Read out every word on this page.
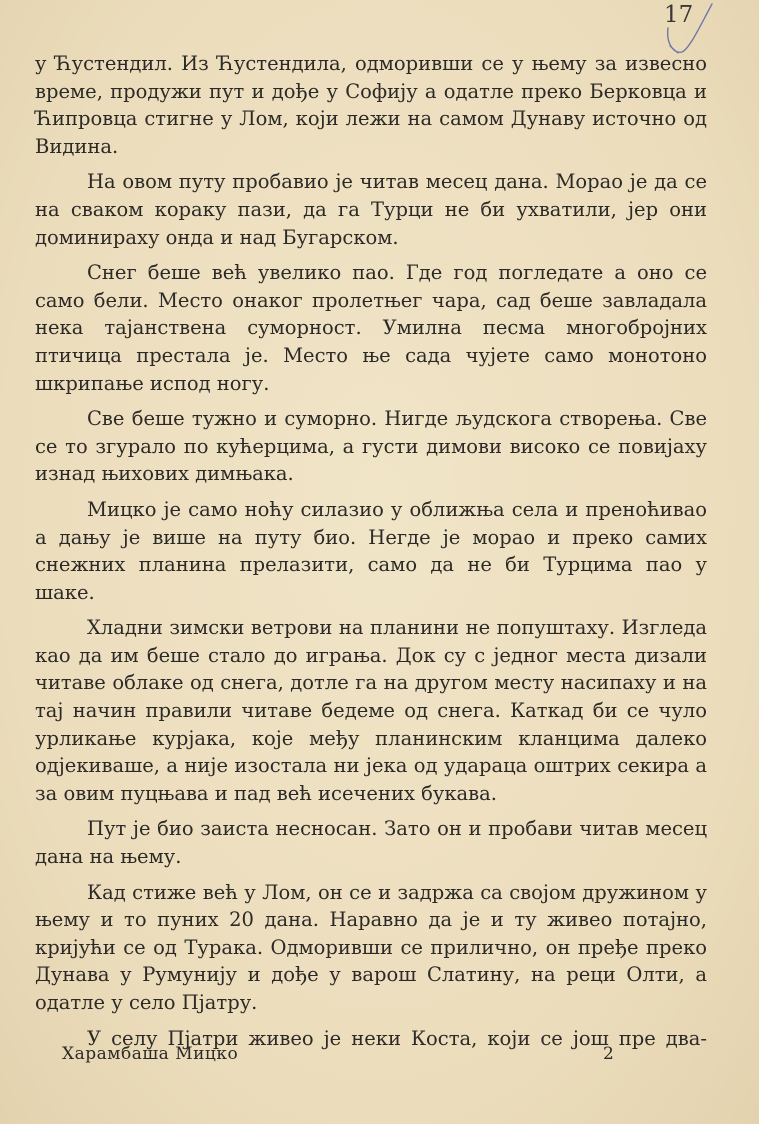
17

у Ћустендил. Из Ћустендила, одморивши се у њему за извесно време, продужи пут и дође у Софију а одатле преко Берковца и Ћипровца стигне у Лом, који лежи на самом Дунаву источно од Видина.

На овом путу пробавио је читав месец дана. Морао је да се на сваком кораку пази, да га Турци не би ухватили, јер они доминираху онда и над Бугарском.

Снег беше већ увелико пао. Где год погледате а оно се само бели. Место онаког пролетњег чара, сад беше завладала нека тајанствена суморност. Умилна песма многобројних птичица престала је. Место ње сада чујете само монотоно шкрипање испод ногу.

Све беше тужно и суморно. Нигде људскога створења. Све се то згурало по кућерцима, а густи димови високо се повијаху изнад њихових димњака.

Мицко је само ноћу силазио у оближња села и преноћивао а дању је више на путу био. Негде је морао и преко самих снежних планина прелазити, само да не би Турцима пао у шаке.

Хладни зимски ветрови на планини не попуштаху. Изгледа као да им беше стало до играња. Док су с једног места дизали читаве облаке од снега, дотле га на другом месту насипаху и на тај начин правили читаве бедеме од снега. Каткад би се чуло урликање курјака, које међу планинским кланцима далеко одјекиваше, а није изостала ни јека од удараца оштрих секира а за овим пуцњава и пад већ исечених букава.

Пут је био заиста несносан. Зато он и пробави читав месец дана на њему.

Кад стиже већ у Лом, он се и задржа са својом дружином у њему и то пуних 20 дана. Наравно да је и ту живео потајно, кријући се од Турака. Одморивши се прилично, он пређе преко Дунава у Румунију и дође у варош Слатину, на реци Олти, а одатле у село Пјатру.

У селу Пјатри живео је неки Коста, који се још пре два-

Харамбаша Мицко	2
